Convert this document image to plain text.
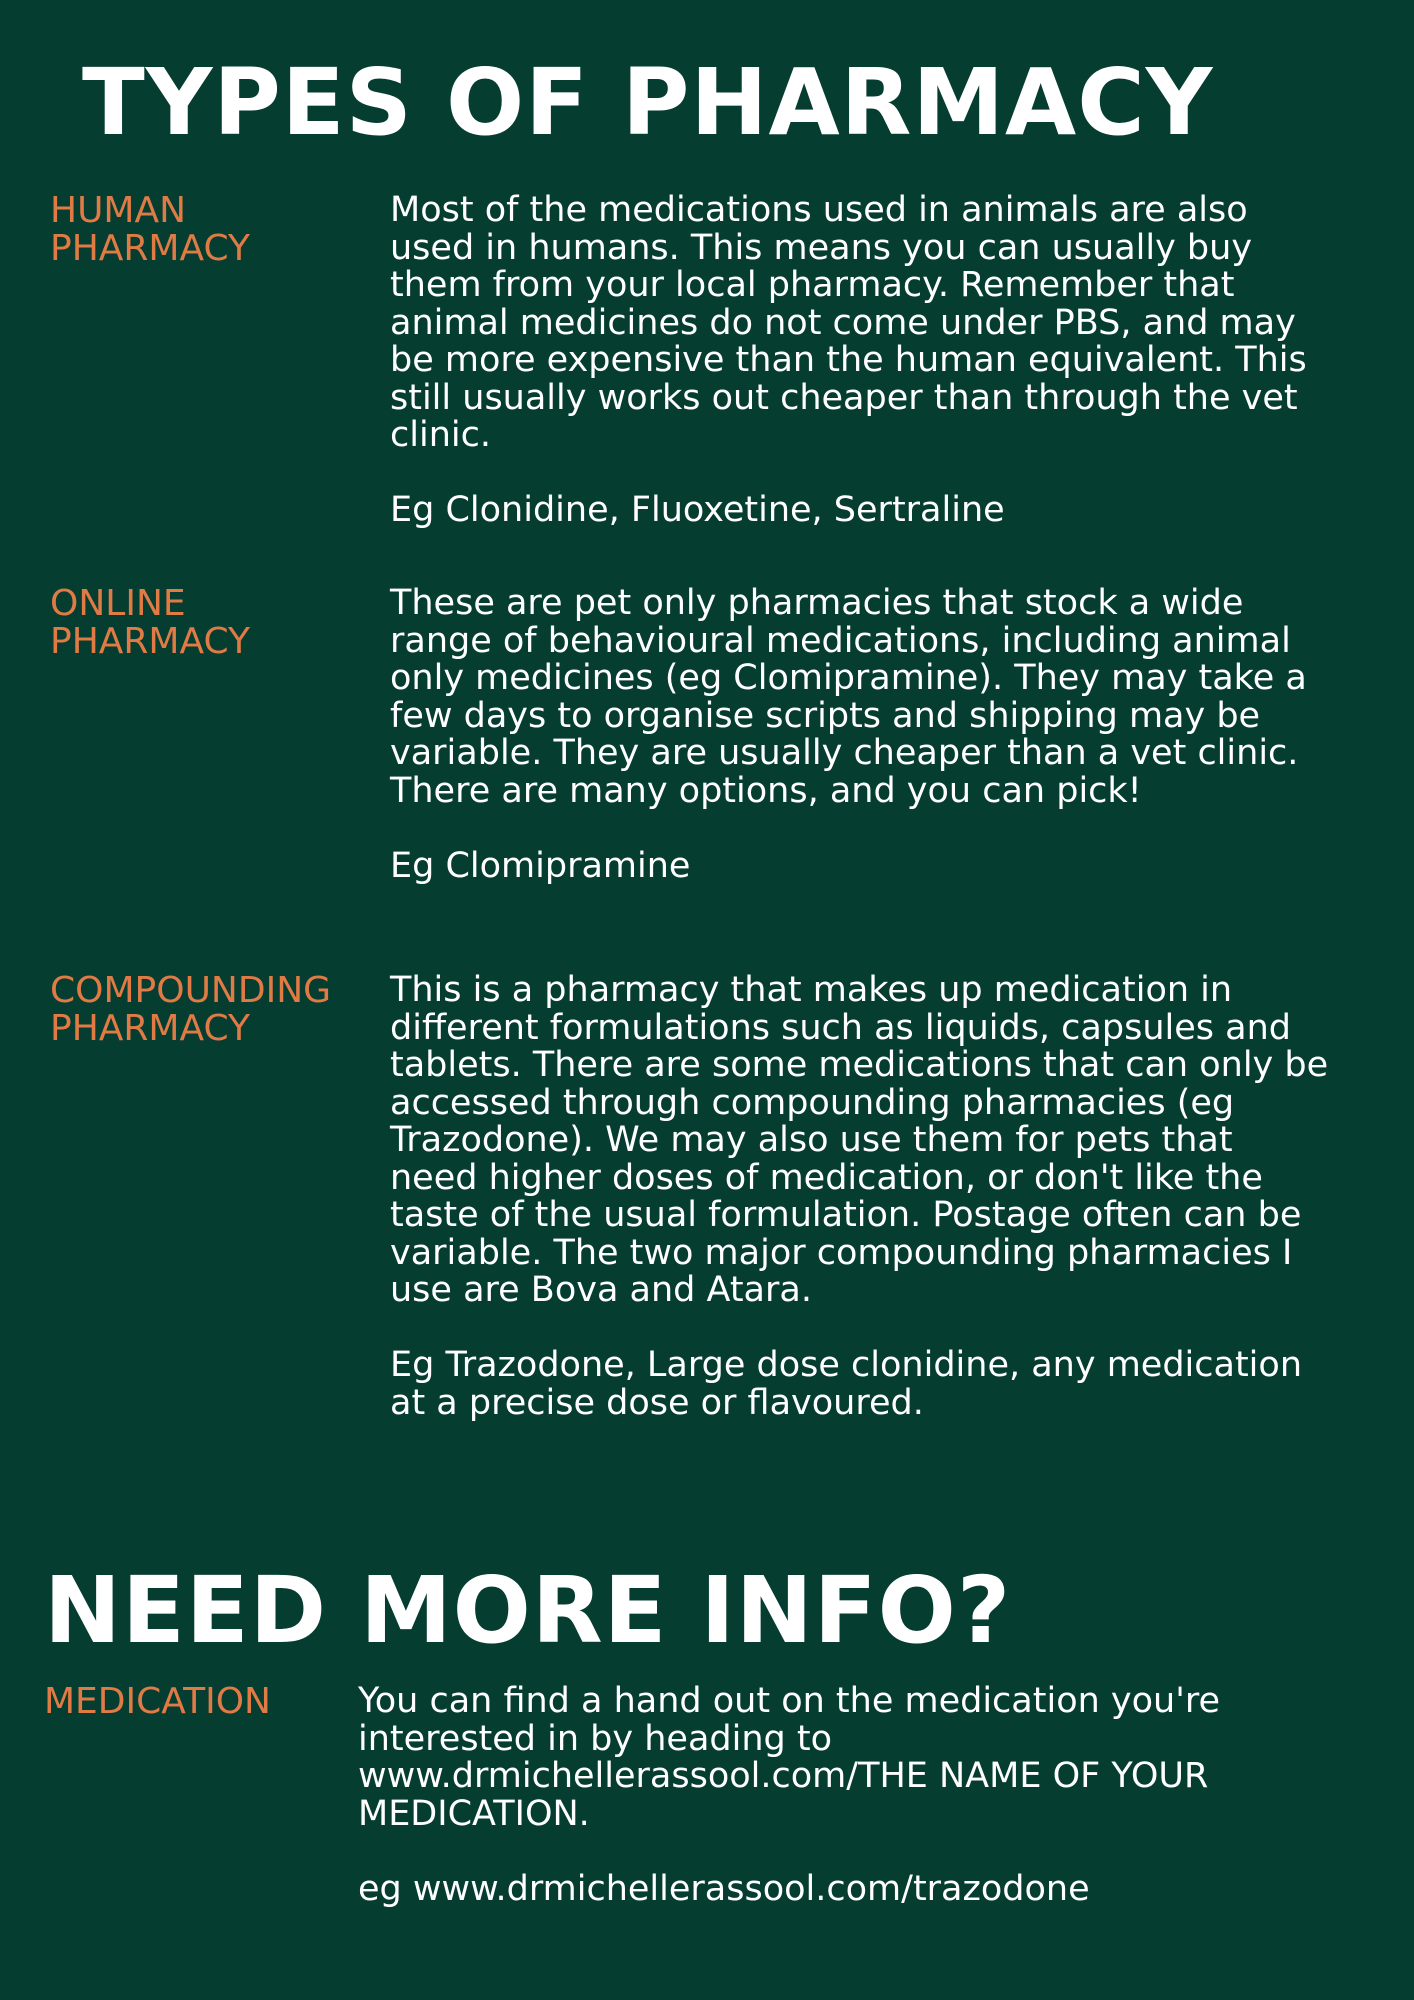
TYPES OF PHARMACY
HUMAN
PHARMACY

Most of the medications used in animals are also used in humans. This means you can usually buy them from your local pharmacy. Remember that animal medicines do not come under PBS, and may be more expensive than the human equivalent. This still usually works out cheaper than through the vet clinic.

Eg Clonidine, Fluoxetine, Sertraline

ONLINE
PHARMACY

These are pet only pharmacies that stock a wide range of behavioural medications, including animal only medicines (eg Clomipramine). They may take a few days to organise scripts and shipping may be variable. They are usually cheaper than a vet clinic. There are many options, and you can pick!

Eg Clomipramine

COMPOUNDING
PHARMACY

This is a pharmacy that makes up medication in different formulations such as liquids, capsules and tablets. There are some medications that can only be accessed through compounding pharmacies (eg Trazodone). We may also use them for pets that need higher doses of medication, or don't like the taste of the usual formulation. Postage often can be variable. The two major compounding pharmacies I use are Bova and Atara.

Eg Trazodone, Large dose clonidine, any medication at a precise dose or flavoured.

NEED MORE INFO?
MEDICATION	You can find a hand out on the medication you're interested in by heading to www.drmichellerassool.com/THE NAME OF YOUR MEDICATION.

eg www.drmichellerassool.com/trazodone
